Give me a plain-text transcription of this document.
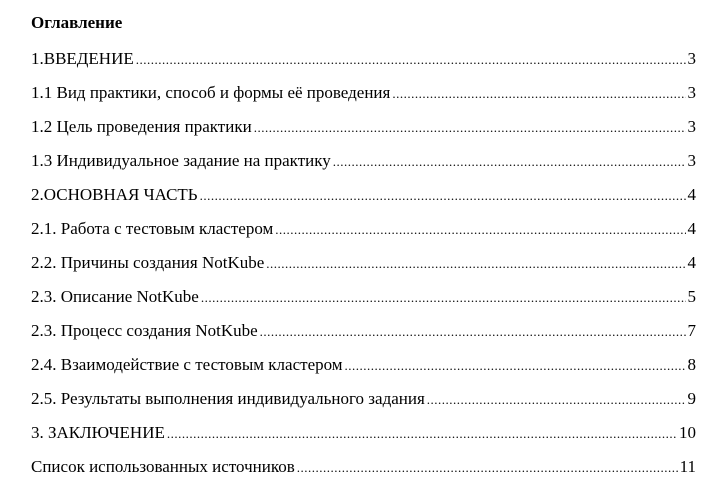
Оглавление
1.ВВЕДЕНИЕ .....	3
1.1 Вид практики, способ и формы её проведения .....	3
1.2 Цель проведения практики .....	3
1.3 Индивидуальное задание на практику .....	3
2.ОСНОВНАЯ ЧАСТЬ .....	4
2.1. Работа с тестовым кластером .....	4
2.2. Причины создания NotKube .....	4
2.3. Описание NotKube .....	5
2.3. Процесс создания NotKube .....	7
2.4. Взаимодействие с тестовым кластером .....	8
2.5. Результаты выполнения индивидуального задания .....	9
3. ЗАКЛЮЧЕНИЕ .....	10
Список использованных источников .....	11
